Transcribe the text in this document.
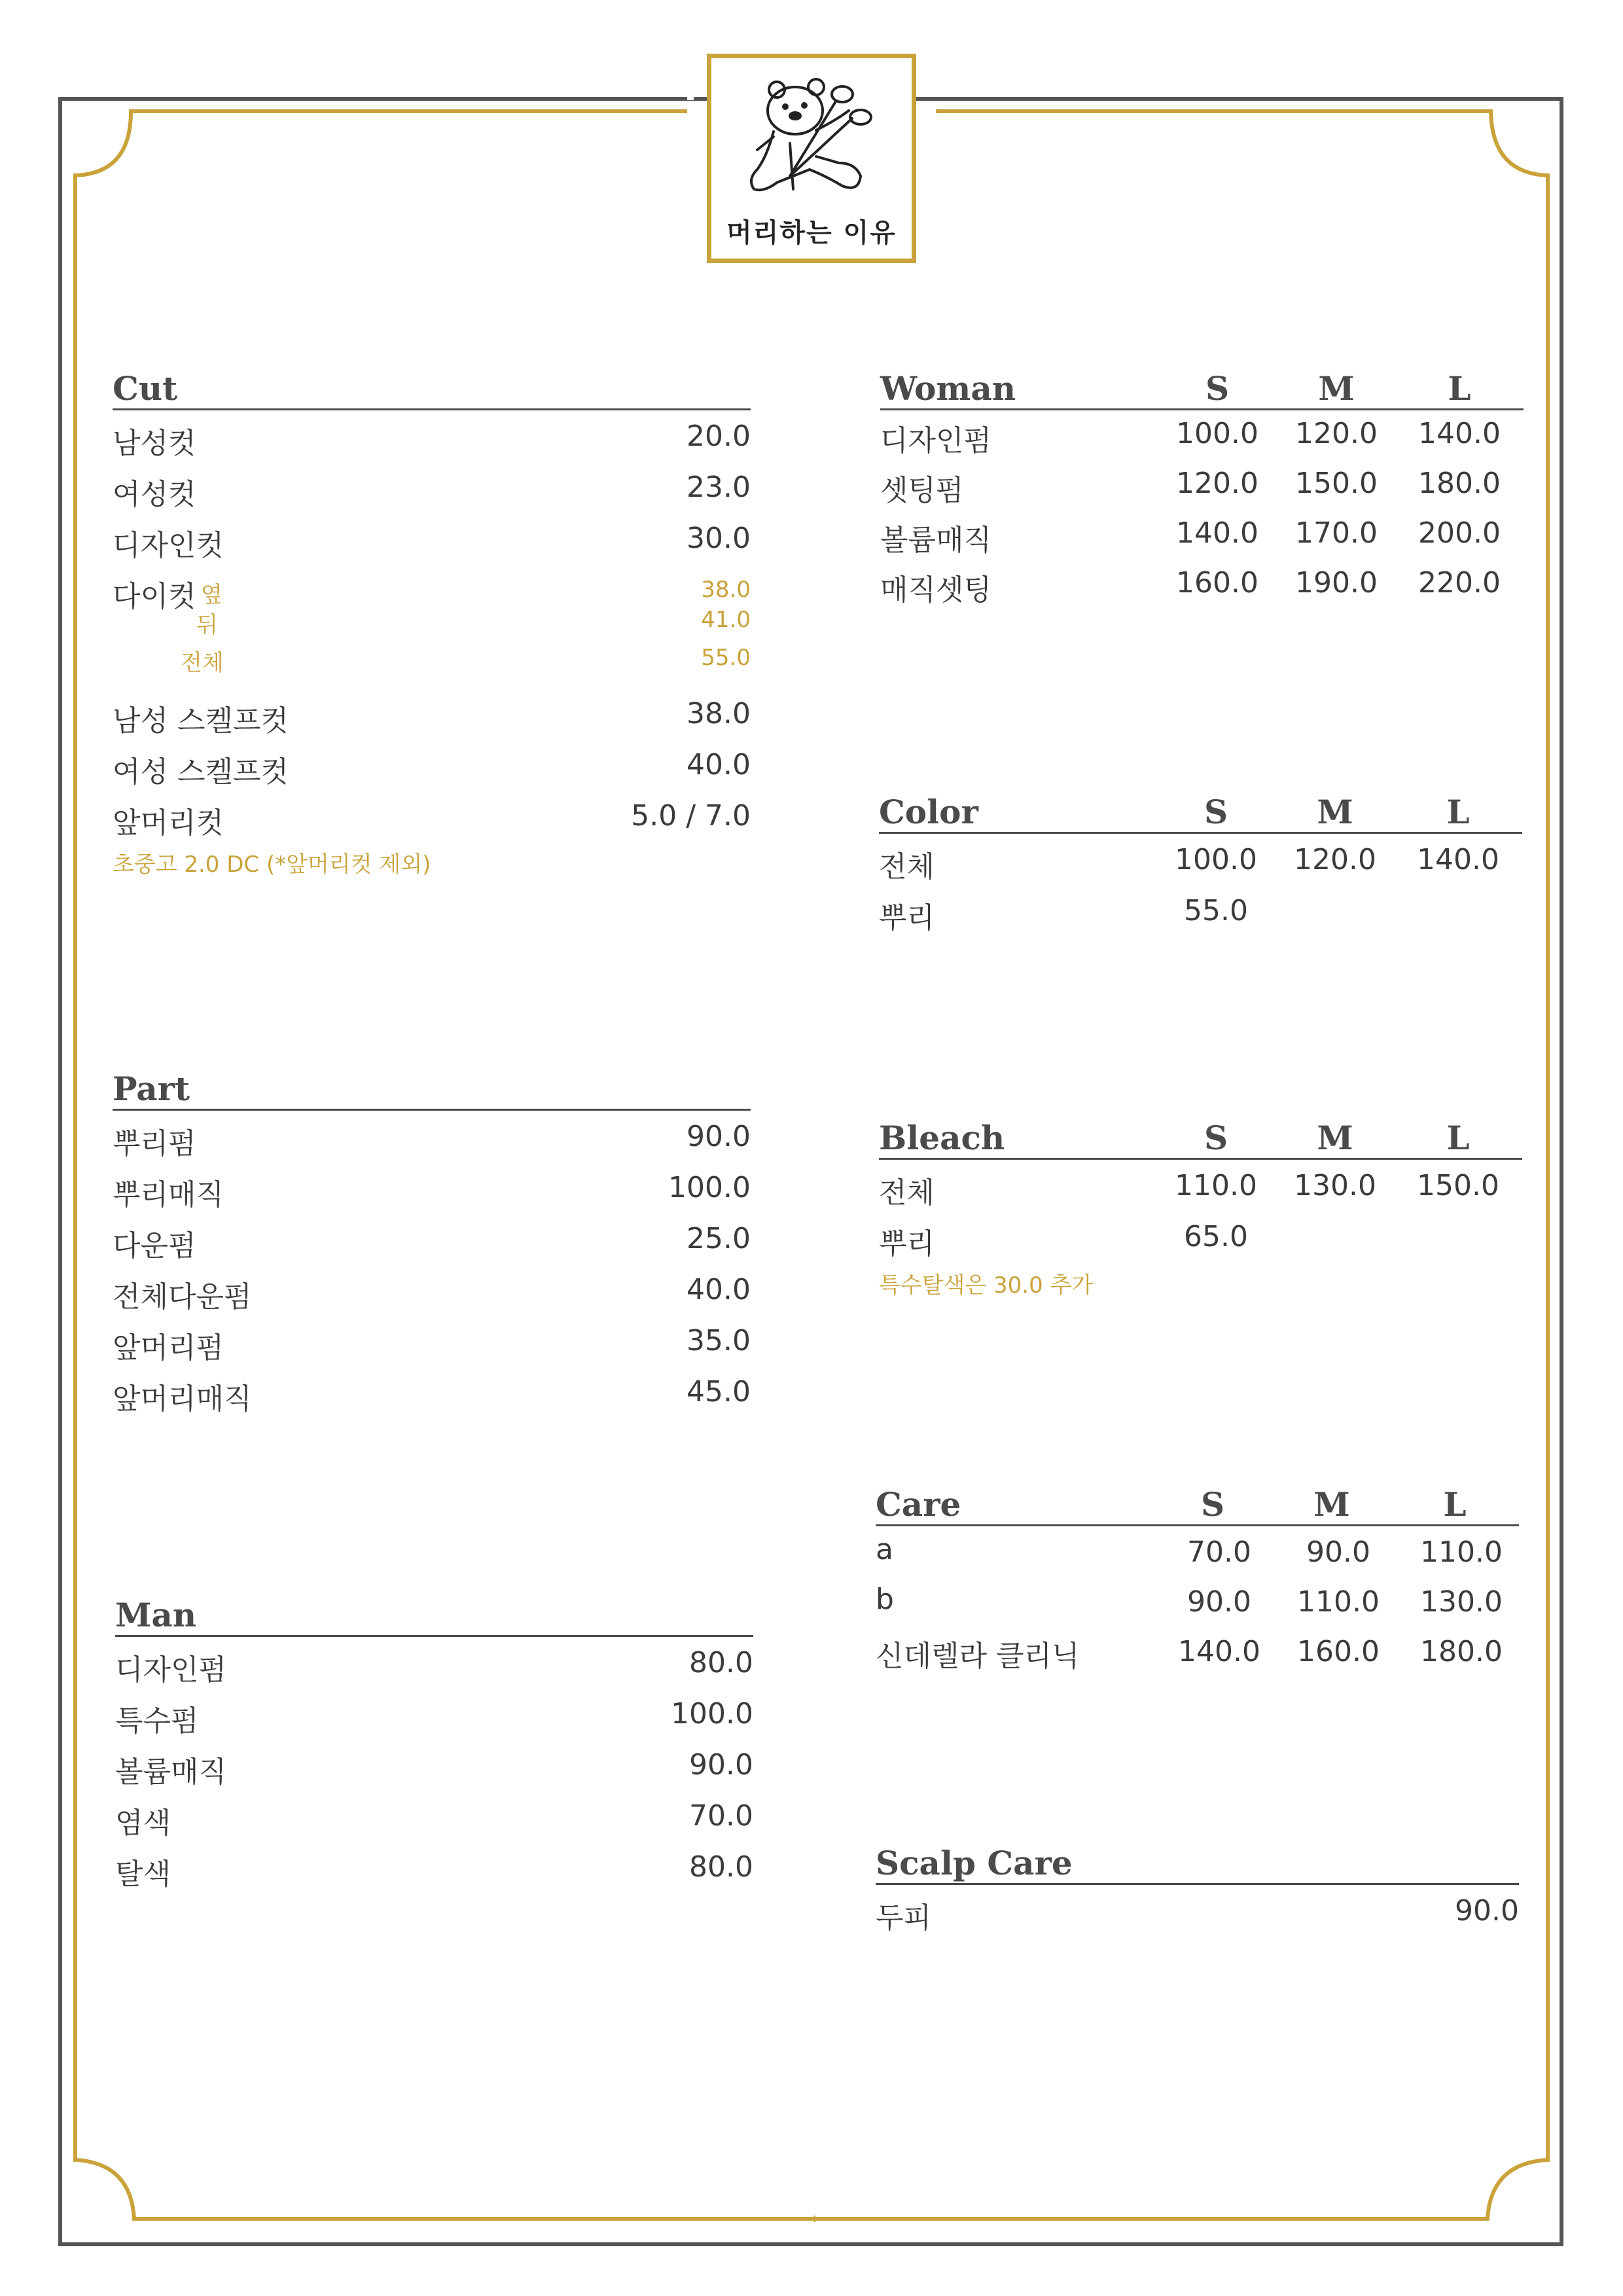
머리하는 이유
Cut
남성컷	20.0
여성컷	23.0
디자인컷	30.0
다이컷 옆	38.0
뒤	41.0
전체	55.0
남성 스켈프컷	38.0
여성 스켈프컷	40.0
앞머리컷	5.0 / 7.0
초중고 2.0 DC (*앞머리컷 제외)
Part
뿌리펌	90.0
뿌리매직	100.0
다운펌	25.0
전체다운펌	40.0
앞머리펌	35.0
앞머리매직	45.0
Man
디자인펌	80.0
특수펌	100.0
볼륨매직	90.0
염색	70.0
탈색	80.0
Woman	S	M	L
디자인펌	100.0	120.0	140.0
셋팅펌	120.0	150.0	180.0
볼륨매직	140.0	170.0	200.0
매직셋팅	160.0	190.0	220.0
Color	S	M	L
전체	100.0	120.0	140.0
뿌리	55.0
Bleach	S	M	L
전체	110.0	130.0	150.0
뿌리	65.0
특수탈색은 30.0 추가
Care	S	M	L
a	70.0	90.0	110.0
b	90.0	110.0	130.0
신데렐라 클리닉	140.0	160.0	180.0
Scalp Care
두피	90.0
